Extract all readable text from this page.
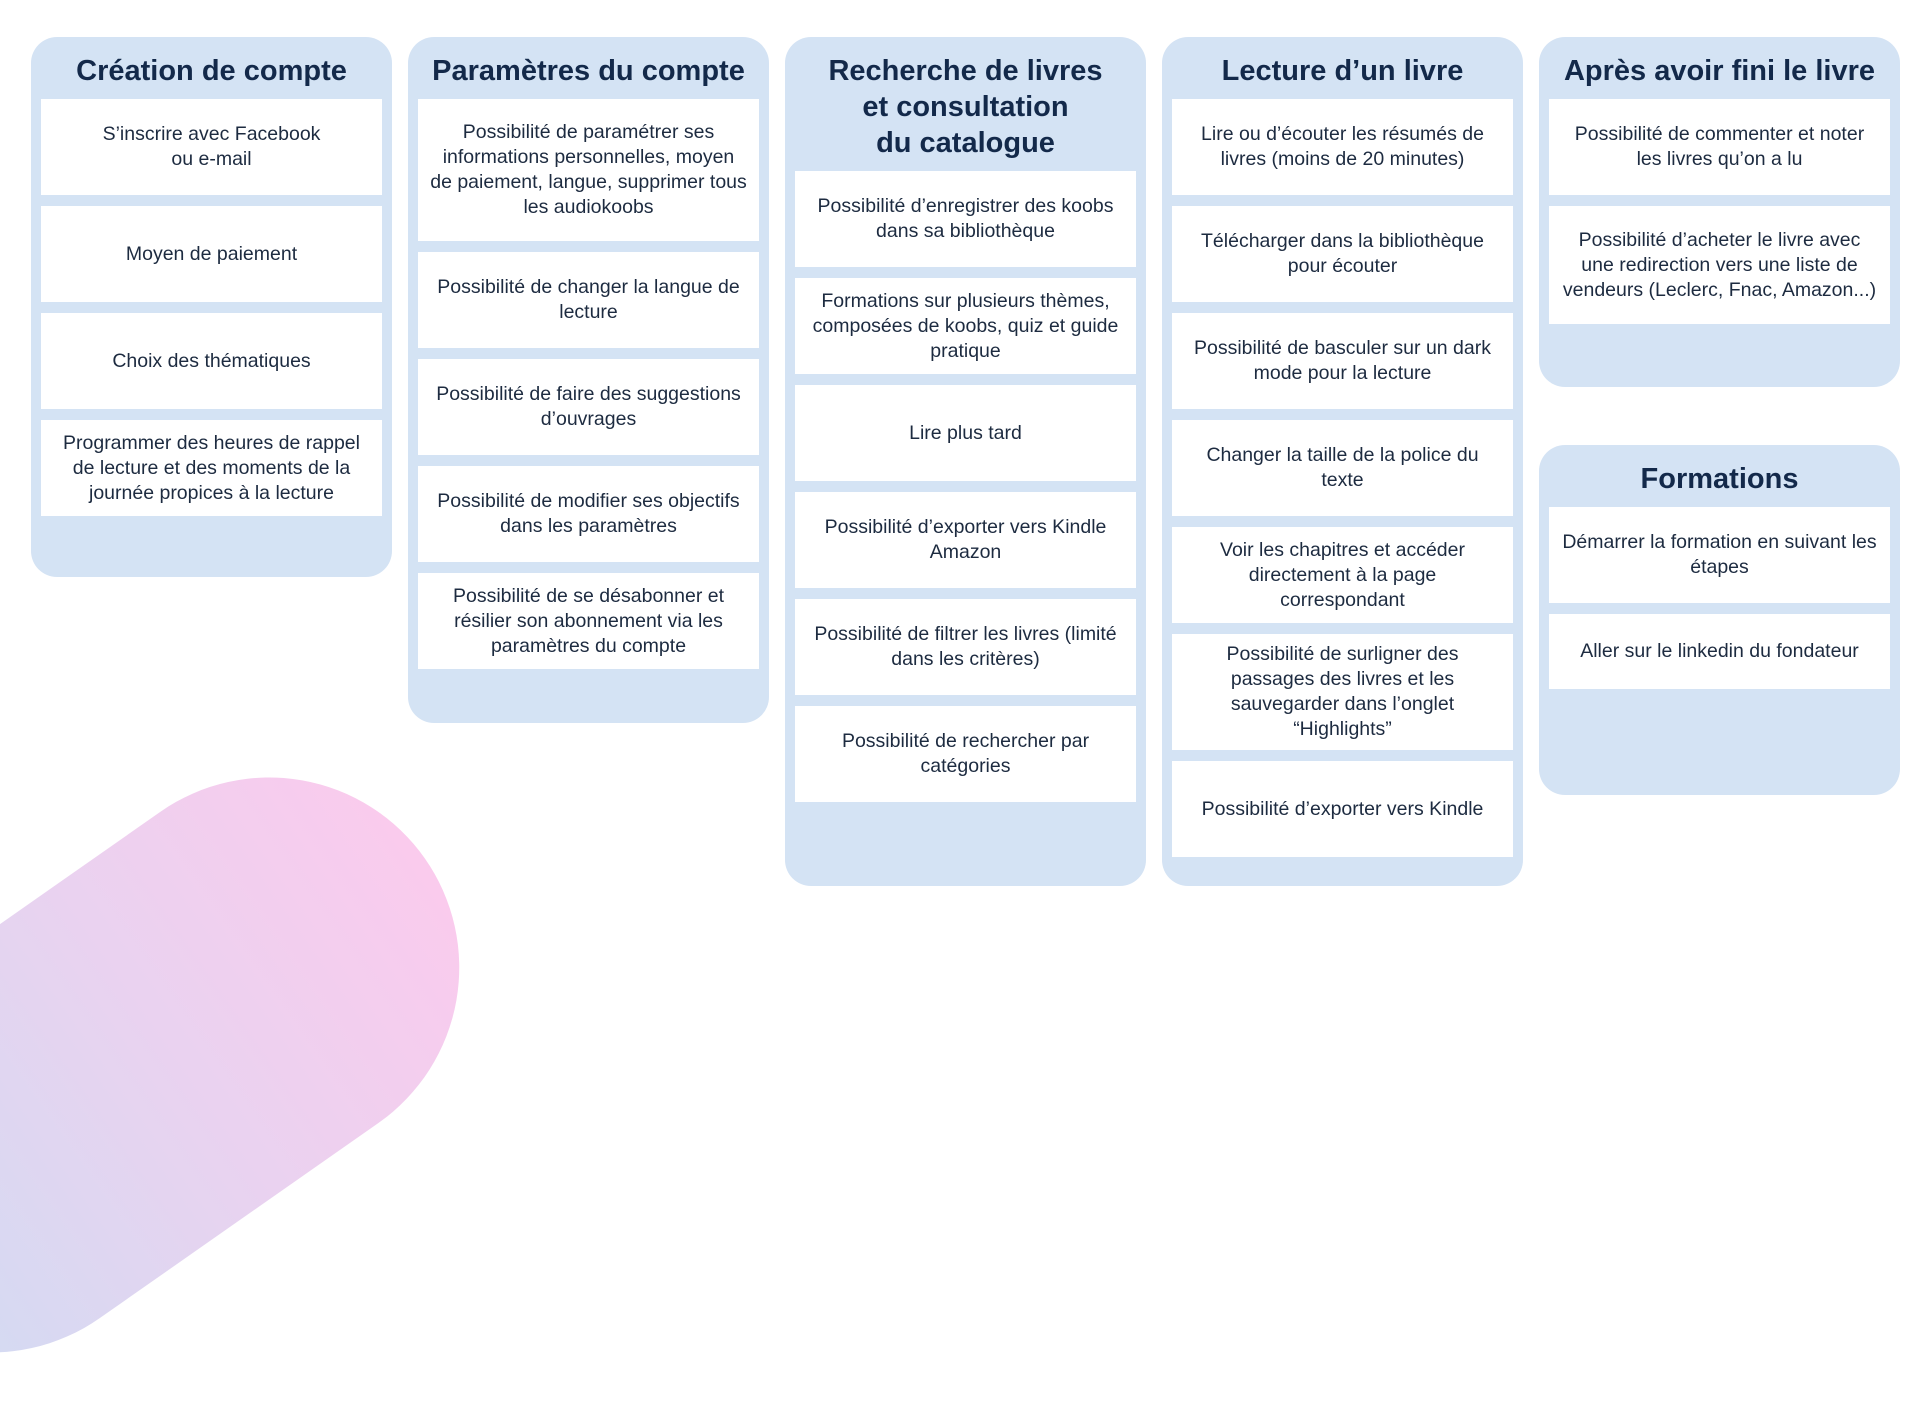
Création de compte
S’inscrire avec Facebook
ou e-mail
Moyen de paiement
Choix des thématiques
Programmer des heures de rappel de lecture et des moments de la journée propices à la lecture
Paramètres du compte
Possibilité de paramétrer ses informations personnelles, moyen de paiement, langue, supprimer tous les audiokoobs
Possibilité de changer la langue de lecture
Possibilité de faire des suggestions d’ouvrages
Possibilité de modifier ses objectifs dans les paramètres
Possibilité de se désabonner et résilier son abonnement via les paramètres du compte
Recherche de livres
et consultation
du catalogue
Possibilité d’enregistrer des koobs dans sa bibliothèque
Formations sur plusieurs thèmes, composées de koobs, quiz et guide pratique
Lire plus tard
Possibilité d’exporter vers Kindle Amazon
Possibilité de filtrer les livres (limité dans les critères)
Possibilité de rechercher par catégories
Lecture d’un livre
Lire ou d’écouter les résumés de livres (moins de 20 minutes)
Télécharger dans la bibliothèque pour écouter
Possibilité de basculer sur un dark mode pour la lecture
Changer la taille de la police du texte
Voir les chapitres et accéder directement à la page correspondant
Possibilité de surligner des passages des livres et les sauvegarder dans l’onglet “Highlights”
Possibilité d’exporter vers Kindle
Après avoir fini le livre
Possibilité de commenter et noter les livres qu’on a lu
Possibilité d’acheter le livre avec une redirection vers une liste de vendeurs (Leclerc, Fnac, Amazon...)
Formations
Démarrer la formation en suivant les étapes
Aller sur le linkedin du fondateur
